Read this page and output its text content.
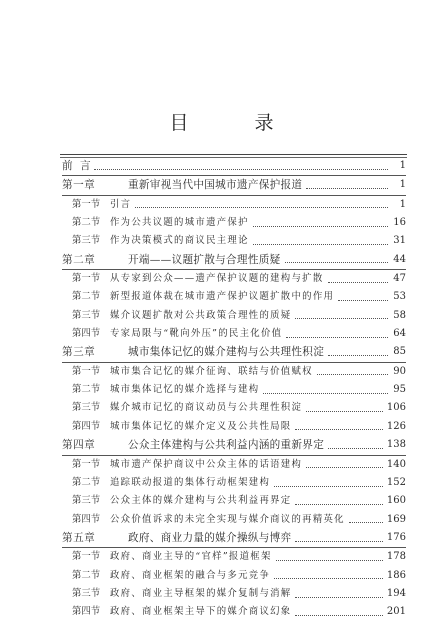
目 录
前 言	1
第一章	重新审视当代中国城市遗产保护报道	1
第一节	引言	1
第二节	作为公共议题的城市遗产保护	16
第三节	作为决策模式的商议民主理论	31
第二章	开端——议题扩散与合理性质疑	44
第一节	从专家到公众——遗产保护议题的建构与扩散	47
第二节	新型报道体裁在城市遗产保护议题扩散中的作用	53
第三节	媒介议题扩散对公共政策合理性的质疑	58
第四节	专家局限与“靴向外压”的民主化价值	64
第三章	城市集体记忆的媒介建构与公共理性积淀	85
第一节	城市集合记忆的媒介征询、联结与价值赋权	90
第二节	城市集体记忆的媒介选择与建构	95
第三节	媒介城市记忆的商议动员与公共理性积淀	106
第四节	城市集体记忆的媒介定义及公共性局限	126
第四章	公众主体建构与公共利益内涵的重新界定	138
第一节	城市遗产保护商议中公众主体的话语建构	140
第二节	追踪联动报道的集体行动框架建构	152
第三节	公众主体的媒介建构与公共利益再界定	160
第四节	公众价值诉求的未完全实现与媒介商议的再精英化	169
第五章	政府、商业力量的媒介操纵与博弈	176
第一节	政府、商业主导的“官样”报道框架	178
第二节	政府、商业框架的融合与多元竞争	186
第三节	政府、商业主导框架的媒介复制与消解	194
第四节	政府、商业框架主导下的媒介商议幻象	201
